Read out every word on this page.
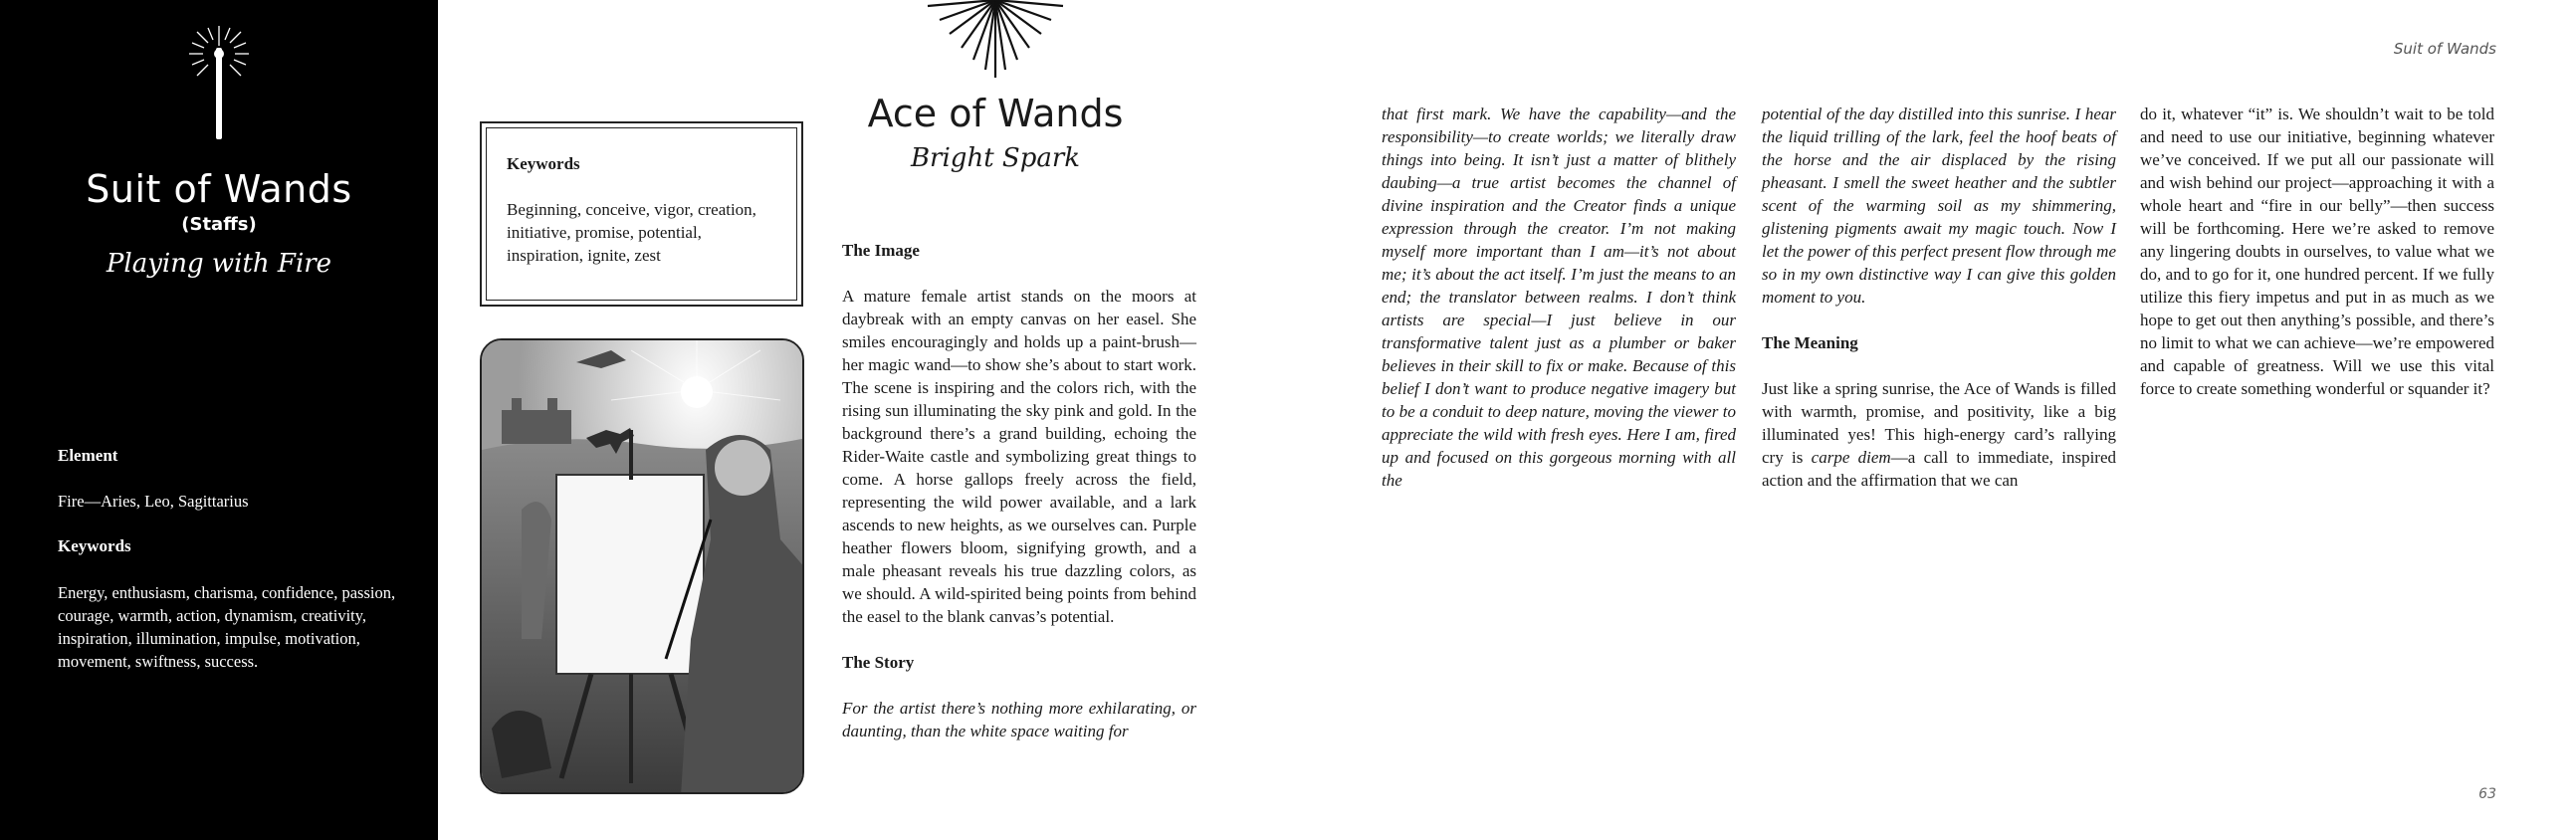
Suit of Wands
(Staffs)
Playing with Fire
Element
Fire—Aries, Leo, Sagittarius
Keywords
Energy, enthusiasm, charisma, confidence, passion, courage, warmth, action, dynamism, creativity, inspiration, illumination, impulse, motivation, movement, swiftness, success.
Keywords
Beginning, conceive, vigor, creation, initiative, promise, potential, inspiration, ignite, zest
Ace of Wands
Bright Spark

The Image

A mature female artist stands on the moors at daybreak with an empty canvas on her easel. She smiles encouragingly and holds up a paint-brush—her magic wand—to show she’s about to start work. The scene is inspiring and the colors rich, with the rising sun illuminating the sky pink and gold. In the background there’s a grand building, echoing the Rider-Waite castle and symbolizing great things to come. A horse gallops freely across the field, representing the wild power available, and a lark ascends to new heights, as we ourselves can. Purple heather flowers bloom, signifying growth, and a male pheasant reveals his true dazzling colors, as we should. A wild-spirited being points from behind the easel to the blank canvas’s potential.

The Story

For the artist there’s nothing more exhilarating, or daunting, than the white space waiting for

that first mark. We have the capability—and the responsibility—to create worlds; we literally draw things into being. It isn’t just a matter of blithely daubing—a true artist becomes the channel of divine inspiration and the Creator finds a unique expression through the creator. I’m not making myself more important than I am—it’s not about me; it’s about the act itself. I’m just the means to an end; the translator between realms. I don’t think artists are special—I just believe in our transformative talent just as a plumber or baker believes in their skill to fix or make. Because of this belief I don’t want to produce negative imagery but to be a conduit to deep nature, moving the viewer to appreciate the wild with fresh eyes. Here I am, fired up and focused on this gorgeous morning with all the

potential of the day distilled into this sunrise. I hear the liquid trilling of the lark, feel the hoof beats of the horse and the air displaced by the rising pheasant. I smell the sweet heather and the subtler scent of the warming soil as my shimmering, glistening pigments await my magic touch. Now I let the power of this perfect present flow through me so in my own distinctive way I can give this golden moment to you.

The Meaning

Just like a spring sunrise, the Ace of Wands is filled with warmth, promise, and positivity, like a big illuminated yes! This high-energy card’s rallying cry is carpe diem—a call to immediate, inspired action and the affirmation that we can

do it, whatever “it” is. We shouldn’t wait to be told and need to use our initiative, beginning whatever we’ve conceived. If we put all our passionate will and wish behind our project—approaching it with a whole heart and “fire in our belly”—then success will be forthcoming. Here we’re asked to remove any lingering doubts in ourselves, to value what we do, and to go for it, one hundred percent. If we fully utilize this fiery impetus and put in as much as we hope to get out then anything’s possible, and there’s no limit to what we can achieve—we’re empowered and capable of greatness. Will we use this vital force to create something wonderful or squander it?

Suit of Wands
63
